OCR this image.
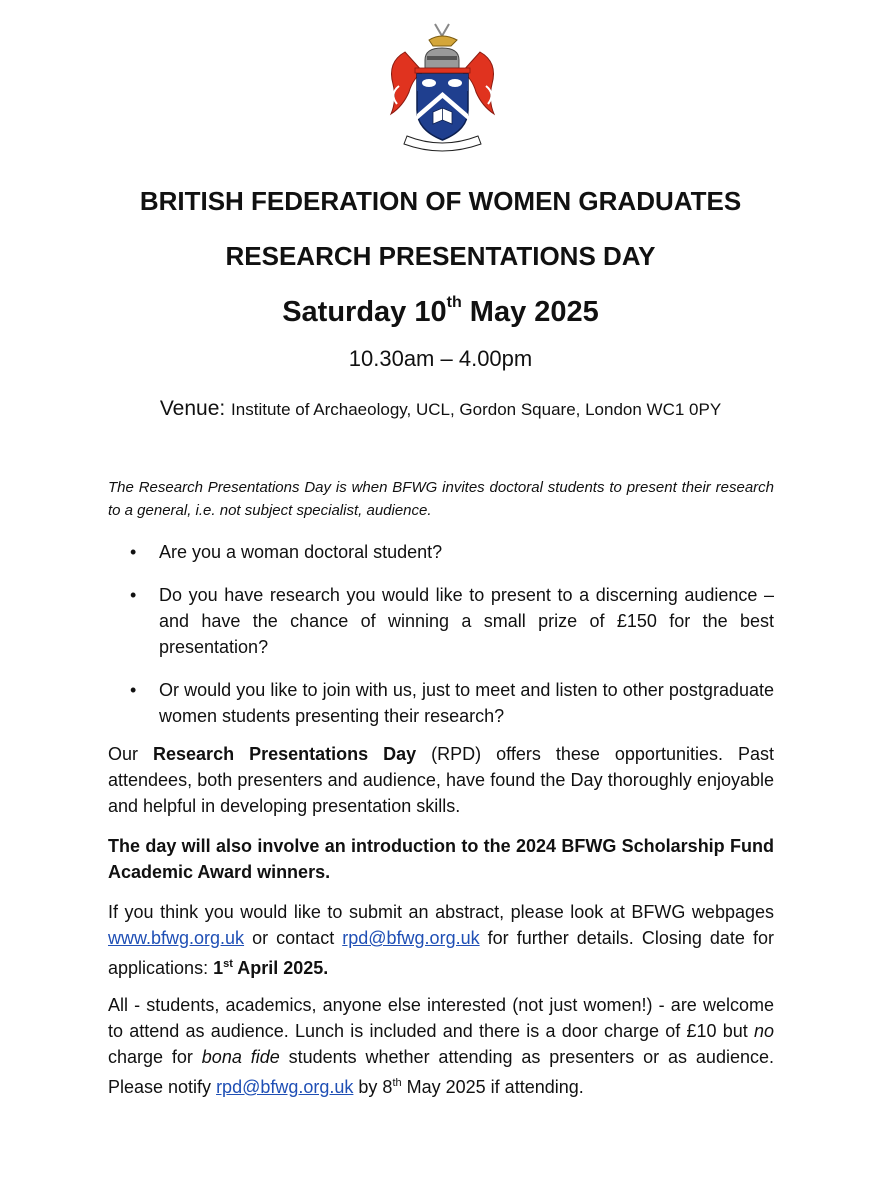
BRITISH FEDERATION OF WOMEN GRADUATES
RESEARCH PRESENTATIONS DAY
Saturday 10th May 2025
10.30am – 4.00pm
Venue: Institute of Archaeology, UCL, Gordon Square, London WC1 0PY
The Research Presentations Day is when BFWG invites doctoral students to present their research to a general, i.e. not subject specialist, audience.
• Are you a woman doctoral student?
• Do you have research you would like to present to a discerning audience – and have the chance of winning a small prize of £150 for the best presentation?
• Or would you like to join with us, just to meet and listen to other postgraduate women students presenting their research?
Our Research Presentations Day (RPD) offers these opportunities. Past attendees, both presenters and audience, have found the Day thoroughly enjoyable and helpful in developing presentation skills.
The day will also involve an introduction to the 2024 BFWG Scholarship Fund Academic Award winners.
If you think you would like to submit an abstract, please look at BFWG webpages www.bfwg.org.uk or contact rpd@bfwg.org.uk for further details. Closing date for applications: 1st April 2025.
All - students, academics, anyone else interested (not just women!) - are welcome to attend as audience. Lunch is included and there is a door charge of £10 but no charge for bona fide students whether attending as presenters or as audience. Please notify rpd@bfwg.org.uk by 8th May 2025 if attending.
